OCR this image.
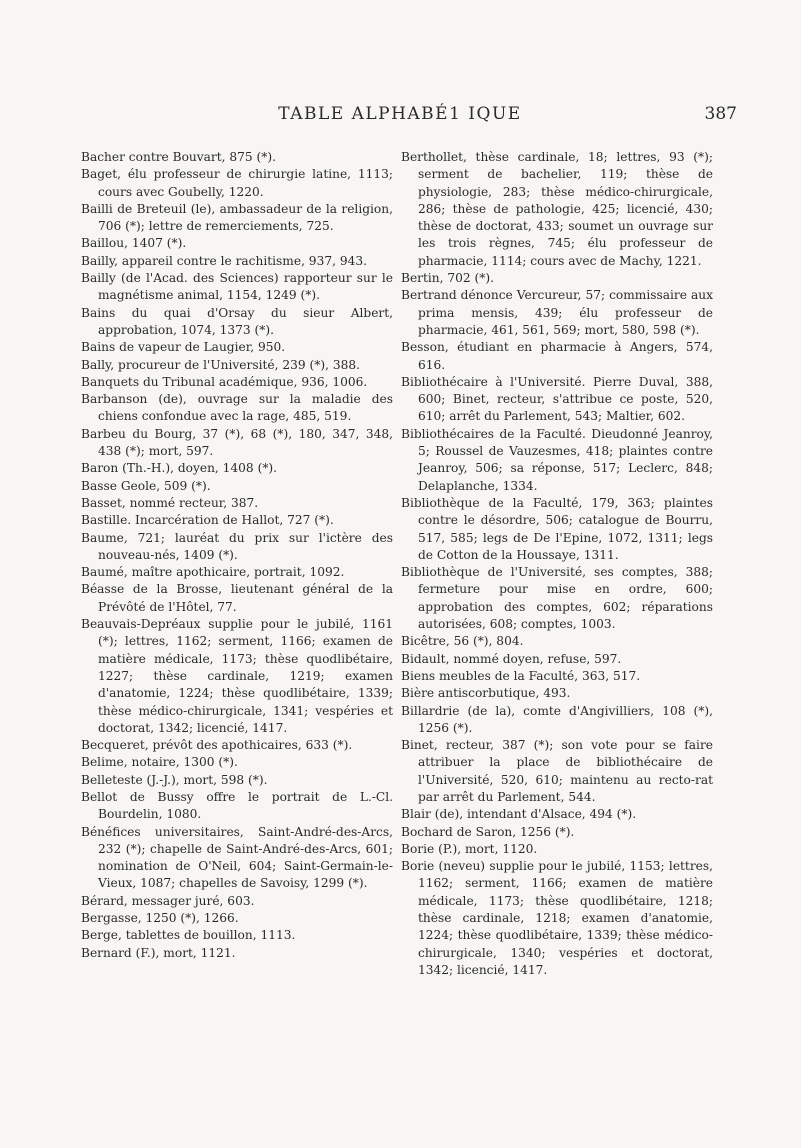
TABLE ALPHABÉ1 IQUE	387

Bacher contre Bouvart, 875 (*).

Baget, élu professeur de chirurgie latine, 1113; cours avec Goubelly, 1220.

Bailli de Breteuil (le), ambassadeur de la religion, 706 (*); lettre de remerciements, 725.

Baillou, 1407 (*).

Bailly, appareil contre le rachitisme, 937, 943.

Bailly (de l'Acad. des Sciences) rapporteur sur le magnétisme animal, 1154, 1249 (*).

Bains du quai d'Orsay du sieur Albert, approbation, 1074, 1373 (*).

Bains de vapeur de Laugier, 950.

Bally, procureur de l'Université, 239 (*), 388.

Banquets du Tribunal académique, 936, 1006.

Barbanson (de), ouvrage sur la maladie des chiens confondue avec la rage, 485, 519.

Barbeu du Bourg, 37 (*), 68 (*), 180, 347, 348, 438 (*); mort, 597.

Baron (Th.-H.), doyen, 1408 (*).

Basse Geole, 509 (*).

Basset, nommé recteur, 387.

Bastille. Incarcération de Hallot, 727 (*).

Baume, 721; lauréat du prix sur l'ictère des nouveau-nés, 1409 (*).

Baumé, maître apothicaire, portrait, 1092.

Béasse de la Brosse, lieutenant général de la Prévôté de l'Hôtel, 77.

Beauvais-Depréaux supplie pour le jubilé, 1161 (*); lettres, 1162; serment, 1166; examen de matière médicale, 1173; thèse quodlibétaire, 1227; thèse cardinale, 1219; examen d'anatomie, 1224; thèse quodlibétaire, 1339; thèse médico-chirurgicale, 1341; vespéries et doctorat, 1342; licencié, 1417.

Becqueret, prévôt des apothicaires, 633 (*).

Belime, notaire, 1300 (*).

Belleteste (J.-J.), mort, 598 (*).

Bellot de Bussy offre le portrait de L.-Cl. Bourdelin, 1080.

Bénéfices universitaires, Saint-André-des-Arcs, 232 (*); chapelle de Saint-André-des-Arcs, 601; nomination de O'Neil, 604; Saint-Germain-le-Vieux, 1087; chapelles de Savoisy, 1299 (*).

Bérard, messager juré, 603.

Bergasse, 1250 (*), 1266.

Berge, tablettes de bouillon, 1113.

Bernard (F.), mort, 1121.

Berthollet, thèse cardinale, 18; lettres, 93 (*); serment de bachelier, 119; thèse de physiologie, 283; thèse médico-chirurgicale, 286; thèse de pathologie, 425; licencié, 430; thèse de doctorat, 433; soumet un ouvrage sur les trois règnes, 745; élu professeur de pharmacie, 1114; cours avec de Machy, 1221.

Bertin, 702 (*).

Bertrand dénonce Vercureur, 57; commissaire aux prima mensis, 439; élu professeur de pharmacie, 461, 561, 569; mort, 580, 598 (*).

Besson, étudiant en pharmacie à Angers, 574, 616.

Bibliothécaire à l'Université. Pierre Duval, 388, 600; Binet, recteur, s'attribue ce poste, 520, 610; arrêt du Parlement, 543; Maltier, 602.

Bibliothécaires de la Faculté. Dieudonné Jeanroy, 5; Roussel de Vauzesmes, 418; plaintes contre Jeanroy, 506; sa réponse, 517; Leclerc, 848; Delaplanche, 1334.

Bibliothèque de la Faculté, 179, 363; plaintes contre le désordre, 506; catalogue de Bourru, 517, 585; legs de De l'Epine, 1072, 1311; legs de Cotton de la Houssaye, 1311.

Bibliothèque de l'Université, ses comptes, 388; fermeture pour mise en ordre, 600; approbation des comptes, 602; réparations autorisées, 608; comptes, 1003.

Bicêtre, 56 (*), 804.

Bidault, nommé doyen, refuse, 597.

Biens meubles de la Faculté, 363, 517.

Bière antiscorbutique, 493.

Billardrie (de la), comte d'Angivilliers, 108 (*), 1256 (*).

Binet, recteur, 387 (*); son vote pour se faire attribuer la place de bibliothécaire de l'Université, 520, 610; maintenu au recto-rat par arrêt du Parlement, 544.

Blair (de), intendant d'Alsace, 494 (*).

Bochard de Saron, 1256 (*).

Borie (P.), mort, 1120.

Borie (neveu) supplie pour le jubilé, 1153; lettres, 1162; serment, 1166; examen de matière médicale, 1173; thèse quodlibétaire, 1218; thèse cardinale, 1218; examen d'anatomie, 1224; thèse quodlibétaire, 1339; thèse médico-chirurgicale, 1340; vespéries et doctorat, 1342; licencié, 1417.
